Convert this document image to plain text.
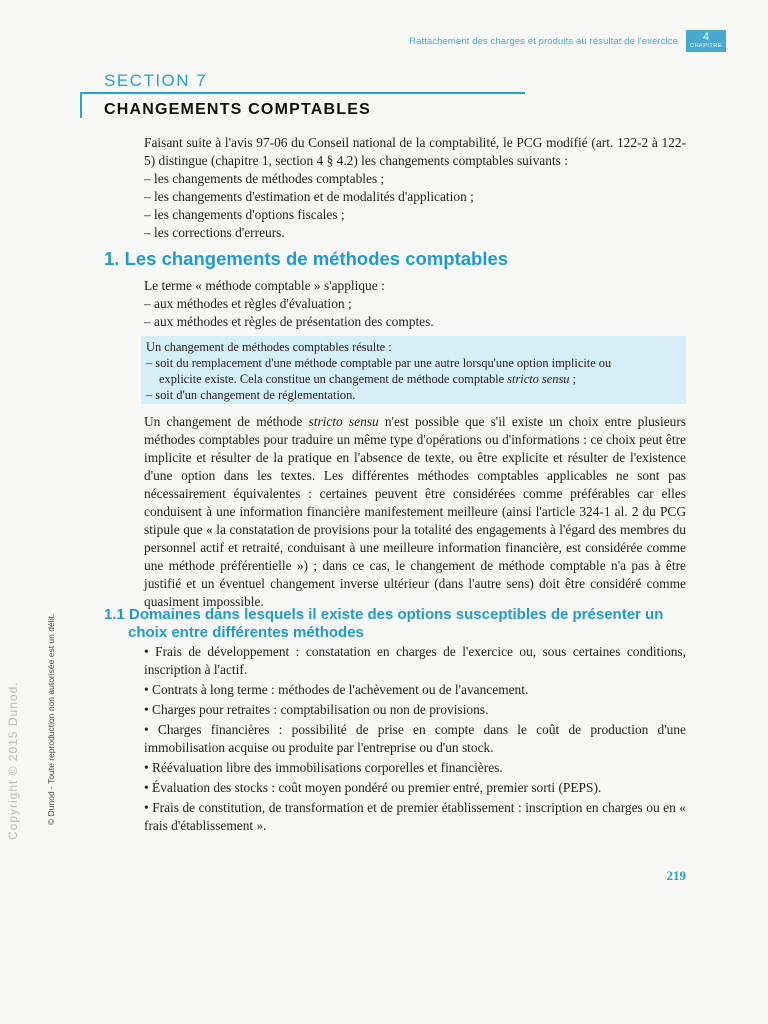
Rattachement des charges et produits au résultat de l'exercice	4
CHAPITRE
SECTION 7
CHANGEMENTS COMPTABLES

Faisant suite à l'avis 97-06 du Conseil national de la comptabilité, le PCG modifié (art. 122-2 à 122-5) distingue (chapitre 1, section 4 § 4.2) les changements comptables suivants :

– les changements de méthodes comptables ;

– les changements d'estimation et de modalités d'application ;

– les changements d'options fiscales ;

– les corrections d'erreurs.

1. Les changements de méthodes comptables

Le terme « méthode comptable » s'applique :

– aux méthodes et règles d'évaluation ;

– aux méthodes et règles de présentation des comptes.

Un changement de méthodes comptables résulte :

– soit du remplacement d'une méthode comptable par une autre lorsqu'une option implicite ou

explicite existe. Cela constitue un changement de méthode comptable stricto sensu ;

– soit d'un changement de réglementation.

Un changement de méthode stricto sensu n'est possible que s'il existe un choix entre plusieurs méthodes comptables pour traduire un même type d'opérations ou d'informations : ce choix peut être implicite et résulter de la pratique en l'absence de texte, ou être explicite et résulter de l'existence d'une option dans les textes. Les différentes méthodes comptables applicables ne sont pas nécessairement équivalentes : certaines peuvent être considérées comme préférables car elles conduisent à une information financière manifestement meilleure (ainsi l'article 324-1 al. 2 du PCG stipule que « la constatation de provisions pour la totalité des engagements à l'égard des membres du personnel actif et retraité, conduisant à une meilleure information financière, est considérée comme une méthode préférentielle ») ; dans ce cas, le changement de méthode comptable n'a pas à être justifié et un éventuel changement inverse ultérieur (dans l'autre sens) doit être considéré comme quasiment impossible.

1.1 Domaines dans lesquels il existe des options susceptibles de présenter un
choix entre différentes méthodes

• Frais de développement : constatation en charges de l'exercice ou, sous certaines conditions, inscription à l'actif.

• Contrats à long terme : méthodes de l'achèvement ou de l'avancement.

• Charges pour retraites : comptabilisation ou non de provisions.

• Charges financières : possibilité de prise en compte dans le coût de production d'une immobilisation acquise ou produite par l'entreprise ou d'un stock.

• Réévaluation libre des immobilisations corporelles et financières.

• Évaluation des stocks : coût moyen pondéré ou premier entré, premier sorti (PEPS).

• Frais de constitution, de transformation et de premier établissement : inscription en charges ou en « frais d'établissement ».

Copyright © 2015 Dunod.	© Dunod - Toute reproduction non autorisée est un délit.
219
